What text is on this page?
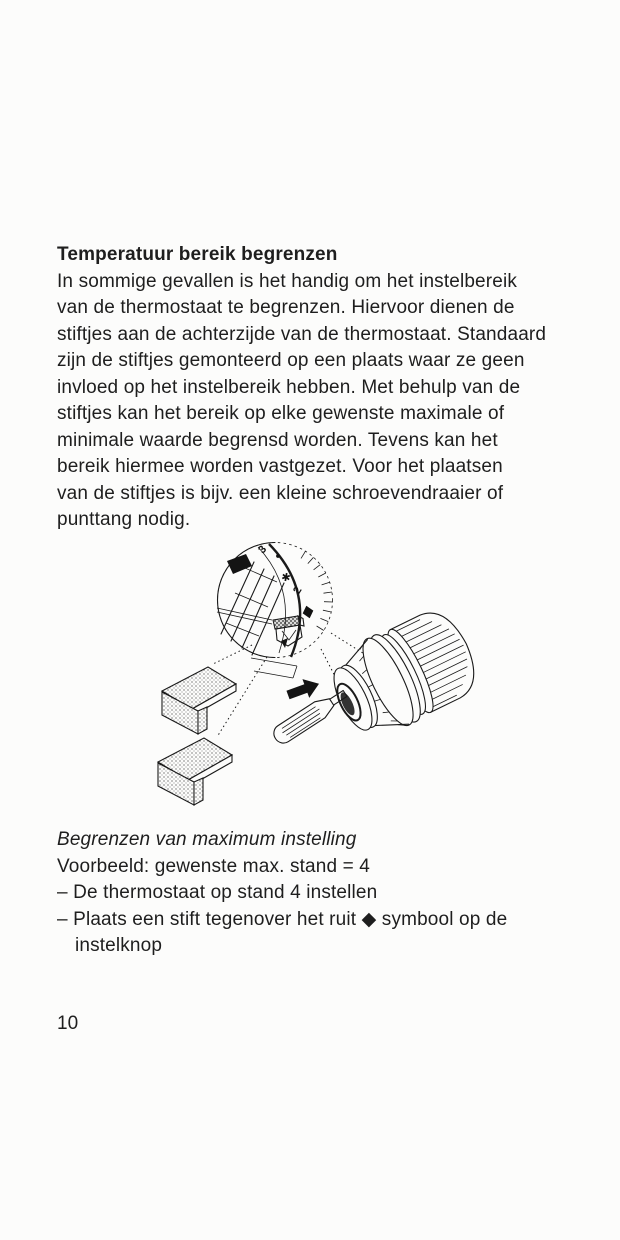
Temperatuur bereik begrenzen
In sommige gevallen is het handig om het instelbereik
van de thermostaat te begrenzen. Hiervoor dienen de
stiftjes aan de achterzijde van de thermostaat. Standaard
zijn de stiftjes gemonteerd op een plaats waar ze geen
invloed op het instelbereik hebben. Met behulp van de
stiftjes kan het bereik op elke gewenste maximale of
minimale waarde begrensd worden. Tevens kan het
bereik hiermee worden vastgezet. Voor het plaatsen
van de stiftjes is bijv. een kleine schroevendraaier of
punttang nodig.
3
✱
2
Begrenzen van maximum instelling
Voorbeeld: gewenste max. stand = 4
– De thermostaat op stand 4 instellen
– Plaats een stift tegenover het ruit ◆ symbool op de
instelknop
10
